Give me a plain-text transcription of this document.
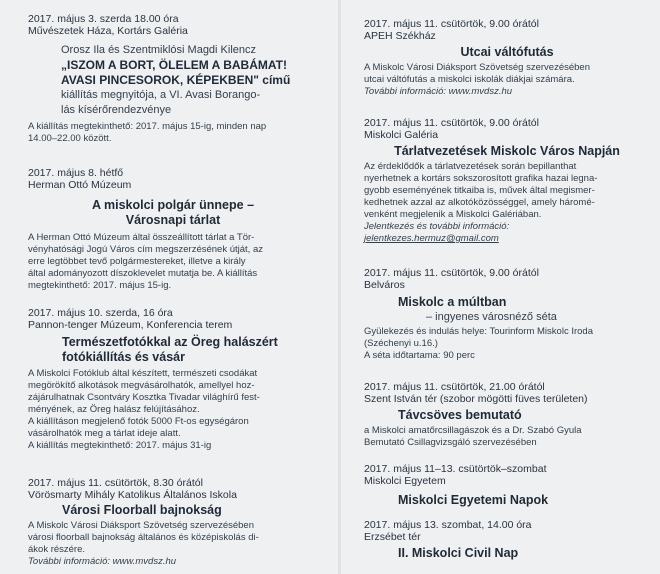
2017. május 3. szerda 18.00 óra
Művészetek Háza, Kortárs Galéria
Orosz Ila és Szentmiklósi Magdi Kilencz
„ISZOM A BORT, ÖLELEM A BABÁMAT!
AVASI PINCESOROK, KÉPEKBEN" című
kiállítás megnyitója, a VI. Avasi Borango-
lás kísérőrendezvénye
A kiállítás megtekinthető: 2017. május 15-ig, minden nap
14.00–22.00 között.
2017. május 8. hétfő
Herman Ottó Múzeum
A miskolci polgár ünnepe –
Városnapi tárlat
A Herman Ottó Múzeum által összeállított tárlat a Tör-
vényhatósági Jogú Város cím megszerzésének útját, az
erre legtöbbet tevő polgármestereket, illetve a király
által adományozott díszoklevelet mutatja be. A kiállítás
megtekinthető: 2017. május 15-ig.
2017. május 10. szerda, 16 óra
Pannon-tenger Múzeum, Konferencia terem
Természetfotókkal az Öreg halászért
fotókiállítás és vásár
A Miskolci Fotóklub által készített, természeti csodákat
megörökítő alkotások megvásárolhatók, amellyel hoz-
zájárulhatnak Csontváry Kosztka Tivadar világhírű fest-
ményének, az Öreg halász felújításához.
A kiállításon megjelenő fotók 5000 Ft-os egységáron
vásárolhatók meg a tárlat ideje alatt.
A kiállítás megtekinthető: 2017. május 31-ig
2017. május 11. csütörtök, 8.30 órától
Vörösmarty Mihály Katolikus Általános Iskola
Városi Floorball bajnokság
A Miskolc Városi Diáksport Szövetség szervezésében
városi floorball bajnokság általános és középiskolás di-
ákok részére.
További információ: www.mvdsz.hu
2017. május 11. csütörtök, 9.00 órától
APEH Székház
Utcai váltófutás
A Miskolc Városi Diáksport Szövetség szervezésében
utcai váltófutás a miskolci iskolák diákjai számára.
További információ: www.mvdsz.hu
2017. május 11. csütörtök, 9.00 órától
Miskolci Galéria
Tárlatvezetések Miskolc Város Napján
Az érdeklődők a tárlatvezetések során bepillanthat
nyerhetnek a kortárs sokszorosított grafika hazai legna-
gyobb eseményének titkaiba is, művek által megismer-
kedhetnek azzal az alkotóközösséggel, amely háromé-
venként megjelenik a Miskolci Galériában.
Jelentkezés és további információ:
jelentkezes.hermuz@gmail.com
2017. május 11. csütörtök, 9.00 órától
Belváros
Miskolc a múltban
– ingyenes városnéző séta
Gyülekezés és indulás helye: Tourinform Miskolc Iroda
(Széchenyi u.16.)
A séta időtartama: 90 perc
2017. május 11. csütörtök, 21.00 órától
Szent István tér (szobor mögötti füves területen)
Távcsöves bemutató
a Miskolci amatőrcsillagászok és a Dr. Szabó Gyula
Bemutató Csillagvizsgáló szervezésében
2017. május 11–13. csütörtök–szombat
Miskolci Egyetem
Miskolci Egyetemi Napok
2017. május 13. szombat, 14.00 óra
Erzsébet tér
II. Miskolci Civil Nap
